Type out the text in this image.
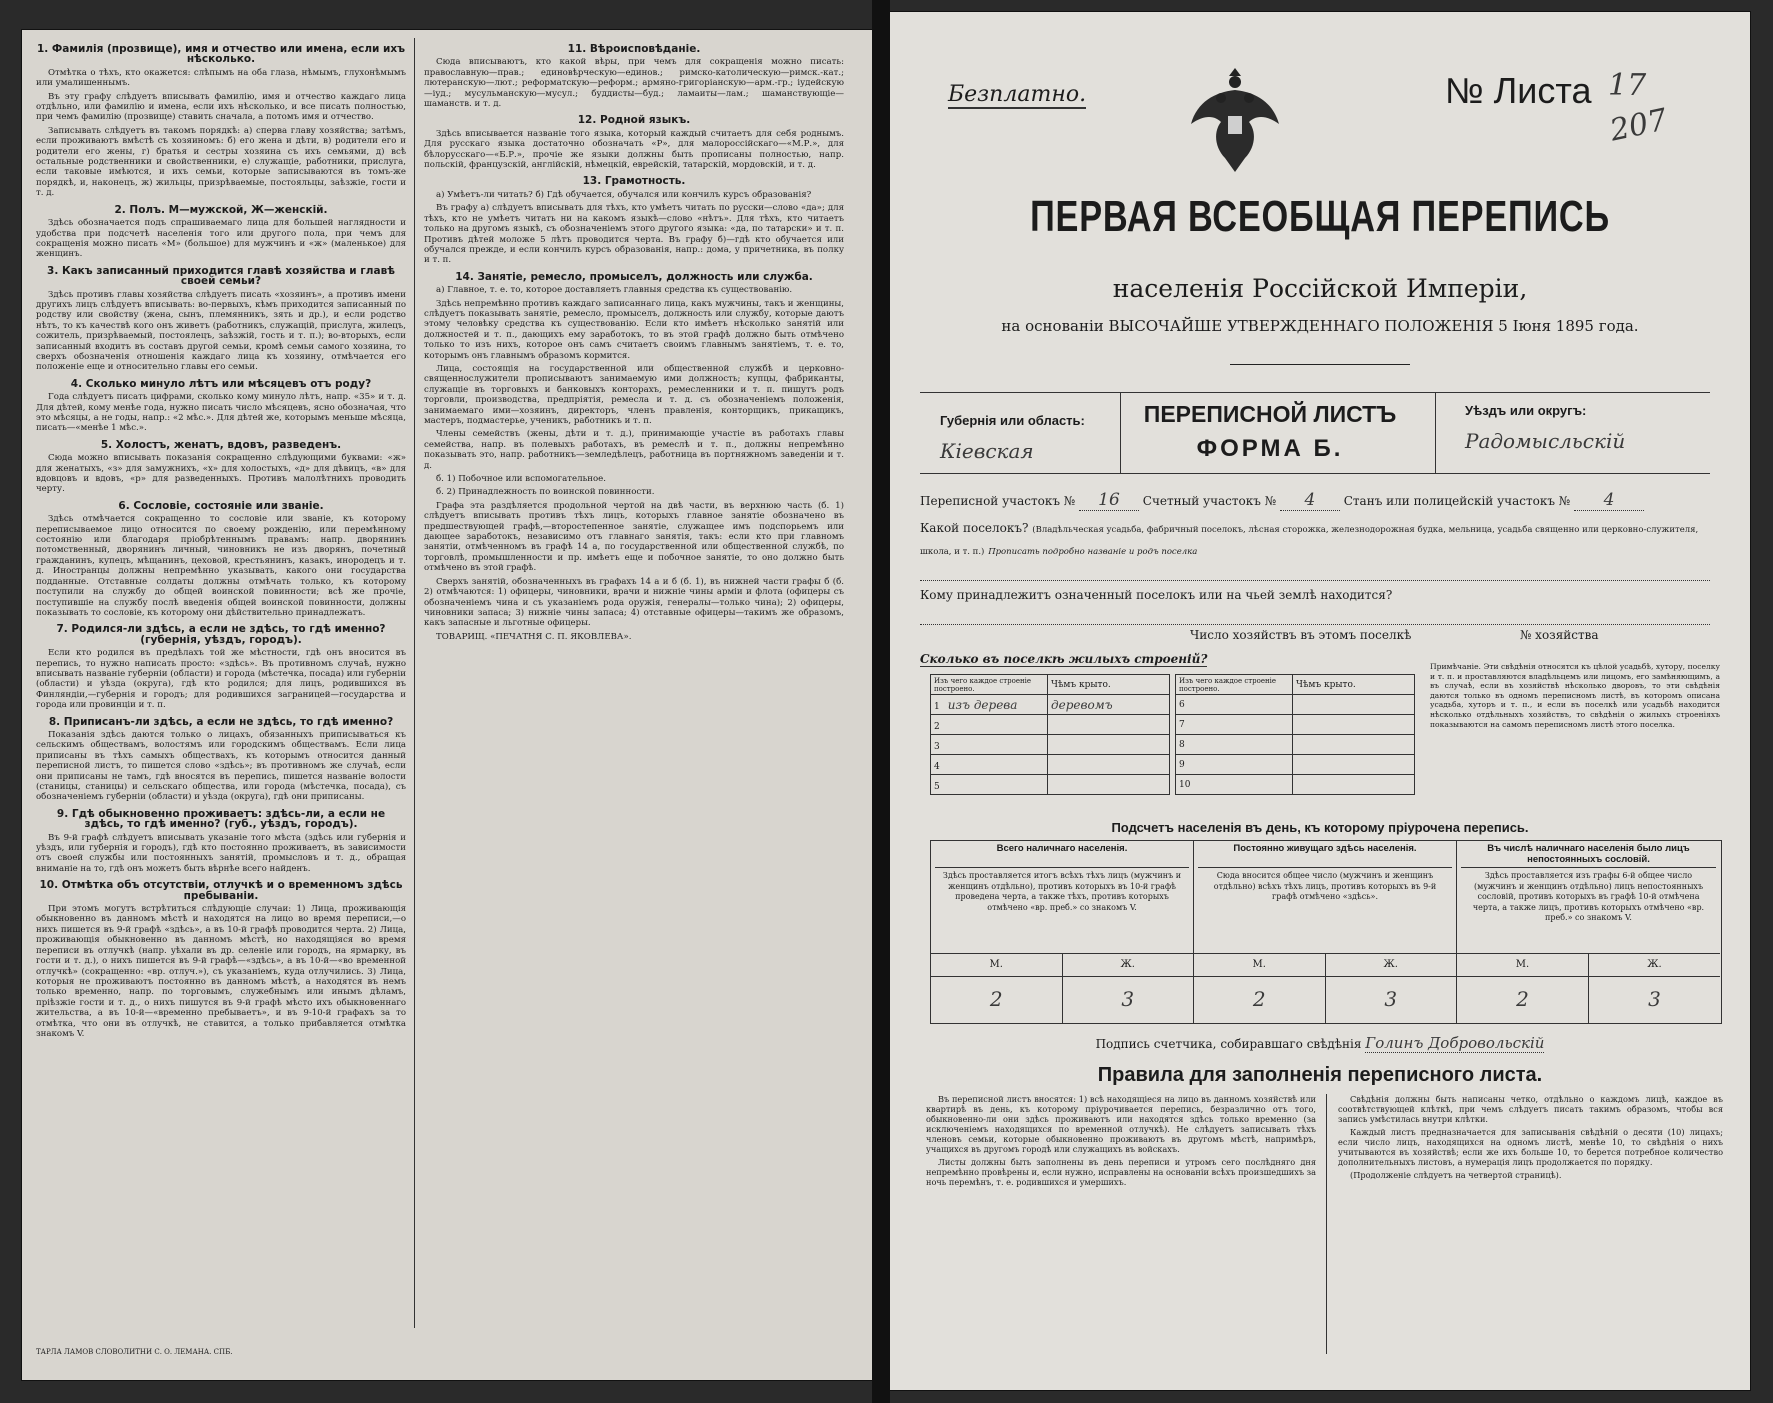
1. Фамилія (прозвище), имя и отчество или имена, если ихъ нѣсколько.

Отмѣтка о тѣхъ, кто окажется: слѣпымъ на оба глаза, нѣмымъ, глухонѣмымъ или умалишеннымъ.

Въ эту графу слѣдуетъ вписывать фамилію, имя и отчество каждаго лица отдѣльно, или фамилію и имена, если ихъ нѣсколько, и все писать полностью, при чемъ фамилію (прозвище) ставить сначала, а потомъ имя и отчество.

Записывать слѣдуетъ въ такомъ порядкѣ: а) сперва главу хозяйства; затѣмъ, если проживаютъ вмѣстѣ съ хозяиномъ: б) его жена и дѣти, в) родители его и родители его жены, г) братья и сестры хозяина съ ихъ семьями, д) всѣ остальные родственники и свойственники, е) служащіе, работники, прислуга, если таковые имѣются, и ихъ семьи, которые записываются въ томъ-же порядкѣ, и, наконецъ, ж) жильцы, призрѣваемые, постояльцы, заѣзжіе, гости и т. д.

2. Полъ. М—мужской, Ж—женскій.

Здѣсь обозначается подъ спрашиваемаго лица для большей наглядности и удобства при подсчетѣ населенія того или другого пола, при чемъ для сокращенія можно писать «М» (большое) для мужчинъ и «ж» (маленькое) для женщинъ.

3. Какъ записанный приходится главѣ хозяйства и главѣ своей семьи?

Здѣсь противъ главы хозяйства слѣдуетъ писать «хозяинъ», а противъ имени другихъ лицъ слѣдуетъ вписывать: во-первыхъ, кѣмъ приходится записанный по родству или свойству (жена, сынъ, племянникъ, зять и др.), и если родство нѣтъ, то къ качествѣ кого онъ живетъ (работникъ, служащій, прислуга, жилецъ, сожитель, призрѣваемый, постоялецъ, заѣзжій, гость и т. п.); во-вторыхъ, если записанный входитъ въ составъ другой семьи, кромѣ семьи самого хозяина, то сверхъ обозначенія отношенія каждаго лица къ хозяину, отмѣчается его положеніе еще и относительно главы его семьи.

4. Сколько минуло лѣтъ или мѣсяцевъ отъ роду?

Года слѣдуетъ писать цифрами, сколько кому минуло лѣтъ, напр. «35» и т. д. Для дѣтей, кому менѣе года, нужно писать число мѣсяцевъ, ясно обозначая, что это мѣсяцы, а не годы, напр.: «2 мѣс.». Для дѣтей же, которымъ меньше мѣсяца, писать—«менѣе 1 мѣс.».

5. Холостъ, женатъ, вдовъ, разведенъ.

Сюда можно вписывать показанія сокращенно слѣдующими буквами: «ж» для женатыхъ, «з» для замужнихъ, «х» для холостыхъ, «д» для дѣвицъ, «в» для вдовцовъ и вдовъ, «р» для разведенныхъ. Противъ малолѣтнихъ проводить черту.

6. Сословіе, состояніе или званіе.

Здѣсь отмѣчается сокращенно то сословіе или званіе, къ которому переписываемое лицо относится по своему рожденію, или перемѣнному состоянію или благодаря пріобрѣтеннымъ правамъ: напр. дворянинъ потомственный, дворянинъ личный, чиновникъ не изъ дворянъ, почетный гражданинъ, купецъ, мѣщанинъ, цеховой, крестьянинъ, казакъ, инородецъ и т. д. Иностранцы должны непремѣнно указывать, какого они государства подданные. Отставные солдаты должны отмѣчать только, къ которому поступили на службу до общей воинской повинности; всѣ же прочіе, поступившіе на службу послѣ введенія общей воинской повинности, должны показывать то сословіе, къ которому они дѣйствительно принадлежатъ.

7. Родился-ли здѣсь, а если не здѣсь, то гдѣ именно? (губернія, уѣздъ, городъ).

Если кто родился въ предѣлахъ той же мѣстности, гдѣ онъ вносится въ перепись, то нужно написать просто: «здѣсь». Въ противномъ случаѣ, нужно вписывать названіе губерніи (области) и города (мѣстечка, посада) или губерніи (области) и уѣзда (округа), гдѣ кто родился; для лицъ, родившихся въ Финляндіи,—губернія и городъ; для родившихся заграницей—государства и города или провинціи и т. п.

8. Приписанъ-ли здѣсь, а если не здѣсь, то гдѣ именно?

Показанія здѣсь даются только о лицахъ, обязанныхъ приписываться къ сельскимъ обществамъ, волостямъ или городскимъ обществамъ. Если лица приписаны въ тѣхъ самыхъ обществахъ, къ которымъ относится данный переписной листъ, то пишется слово «здѣсь»; въ противномъ же случаѣ, если они приписаны не тамъ, гдѣ вносятся въ перепись, пишется названіе волости (станицы, станицы) и сельскаго общества, или города (мѣстечка, посада), съ обозначеніемъ губерніи (области) и уѣзда (округа), гдѣ они приписаны.

9. Гдѣ обыкновенно проживаетъ: здѣсь-ли, а если не здѣсь, то гдѣ именно? (губ., уѣздъ, городъ).

Въ 9-й графѣ слѣдуетъ вписывать указаніе того мѣста (здѣсь или губернія и уѣздъ, или губернія и городъ), гдѣ кто постоянно проживаетъ, въ зависимости отъ своей службы или постоянныхъ занятій, промысловъ и т. д., обращая вниманіе на то, гдѣ онъ можетъ быть вѣрнѣе всего найденъ.

10. Отмѣтка объ отсутствіи, отлучкѣ и о временномъ здѣсь пребываніи.

При этомъ могутъ встрѣтиться слѣдующіе случаи: 1) Лица, проживающія обыкновенно въ данномъ мѣстѣ и находятся на лицо во время переписи,—о нихъ пишется въ 9-й графѣ «здѣсь», а въ 10-й графѣ проводится черта. 2) Лица, проживающія обыкновенно въ данномъ мѣстѣ, но находящіяся во время переписи въ отлучкѣ (напр. уѣхали въ др. селеніе или городъ, на ярмарку, въ гости и т. д.), о нихъ пишется въ 9-й графѣ—«здѣсь», а въ 10-й—«во временной отлучкѣ» (сокращенно: «вр. отлуч.»), съ указаніемъ, куда отлучились. 3) Лица, которыя не проживаютъ постоянно въ данномъ мѣстѣ, а находятся въ немъ только временно, напр. по торговымъ, служебнымъ или инымъ дѣламъ, пріѣзжіе гости и т. д., о нихъ пишутся въ 9-й графѣ мѣсто ихъ обыкновеннаго жительства, а въ 10-й—«временно пребываетъ», и въ 9-10-й графахъ за то отмѣтка, что они въ отлучкѣ, не ставится, а только прибавляется отмѣтка знакомъ V.

11. Вѣроисповѣданіе.

Сюда вписываютъ, кто какой вѣры, при чемъ для сокращенія можно писать: православную—прав.; единовѣрческую—единов.; римско-католическую—римск.-кат.; лютеранскую—лют.; реформатскую—реформ.; армяно-григоріанскую—арм.-гр.; іудейскую—іуд.; мусульманскую—мусул.; буддисты—буд.; ламаиты—лам.; шаманствующіе—шаманств. и т. д.

12. Родной языкъ.

Здѣсь вписывается названіе того языка, который каждый считаетъ для себя роднымъ. Для русскаго языка достаточно обозначать «Р», для малороссійскаго—«М.Р.», для бѣлорусскаго—«Б.Р.», прочіе же языки должны быть прописаны полностью, напр. польскій, французскій, англійскій, нѣмецкій, еврейскій, татарскій, мордовскій, и т. д.

13. Грамотность.

а) Умѣетъ-ли читать? б) Гдѣ обучается, обучался или кончилъ курсъ образованія?

Въ графу а) слѣдуетъ вписывать для тѣхъ, кто умѣетъ читать по русски—слово «да»; для тѣхъ, кто не умѣетъ читать ни на какомъ языкѣ—слово «нѣтъ». Для тѣхъ, кто читаетъ только на другомъ языкѣ, съ обозначеніемъ этого другого языка: «да, по татарски» и т. п. Противъ дѣтей моложе 5 лѣтъ проводится черта. Въ графу б)—гдѣ кто обучается или обучался прежде, и если кончилъ курсъ образованія, напр.: дома, у причетника, въ полку и т. п.

14. Занятіе, ремесло, промыселъ, должность или служба.

а) Главное, т. е. то, которое доставляетъ главныя средства къ существованію.

Здѣсь непремѣнно противъ каждаго записаннаго лица, какъ мужчины, такъ и женщины, слѣдуетъ показывать занятіе, ремесло, промыселъ, должность или службу, которые даютъ этому человѣку средства къ существованію. Если кто имѣетъ нѣсколько занятій или должностей и т. п., дающихъ ему заработокъ, то въ этой графѣ должно быть отмѣчено только то изъ нихъ, которое онъ самъ считаетъ своимъ главнымъ занятіемъ, т. е. то, которымъ онъ главнымъ образомъ кормится.

Лица, состоящія на государственной или общественной службѣ и церковно-священнослужители прописываютъ занимаемую ими должность; купцы, фабриканты, служащіе въ торговыхъ и банковыхъ конторахъ, ремесленники и т. п. пишутъ родъ торговли, производства, предпріятія, ремесла и т. д. съ обозначеніемъ положенія, занимаемаго ими—хозяинъ, директоръ, членъ правленія, конторщикъ, прикащикъ, мастеръ, подмастерье, ученикъ, работникъ и т. п.

Члены семействъ (жены, дѣти и т. д.), принимающіе участіе въ работахъ главы семейства, напр. въ полевыхъ работахъ, въ ремеслѣ и т. п., должны непремѣнно показывать это, напр. работникъ—земледѣлецъ, работница въ портняжномъ заведеніи и т. д.

б. 1) Побочное или вспомогательное.

б. 2) Принадлежность по воинской повинности.

Графа эта раздѣляется продольной чертой на двѣ части, въ верхнюю часть (б. 1) слѣдуетъ вписывать противъ тѣхъ лицъ, которыхъ главное занятіе обозначено въ предшествующей графѣ,—второстепенное занятіе, служащее имъ подспорьемъ или дающее заработокъ, независимо отъ главнаго занятія, такъ: если кто при главномъ занятіи, отмѣченномъ въ графѣ 14 а, по государственной или общественной службѣ, по торговлѣ, промышленности и пр. имѣетъ еще и побочное занятіе, то оно должно быть отмѣчено въ этой графѣ.

Сверхъ занятій, обозначенныхъ въ графахъ 14 а и б (б. 1), въ нижней части графы б (б. 2) отмѣчаются: 1) офицеры, чиновники, врачи и нижніе чины армiи и флота (офицеры съ обозначеніемъ чина и съ указаніемъ рода оружія, генералы—только чина); 2) офицеры, чиновники запаса; 3) нижніе чины запаса; 4) отставные офицеры—такимъ же образомъ, какъ запасные и льготные офицеры.

ТОВАРИЩ. «ПЕЧАТНЯ С. П. ЯКОВЛЕВА».

ТАРЛА ЛАМОВ СЛОВОЛИТНИ С. О. ЛЕМАНА. СПБ.
Безплатно.	№ Листа 17
207
ПЕРВАЯ ВСЕОБЩАЯ ПЕРЕПИСЬ
населенія Россійской Имперіи,
на основаніи ВЫСОЧАЙШЕ УТВЕРЖДЕННАГО ПОЛОЖЕНІЯ 5 Іюня 1895 года.
Губернія или область:
Кіевская
ПЕРЕПИСНОЙ ЛИСТЪ
ФОРМА Б.
Уѣздъ или округъ:
Радомысльскій
Переписной участокъ № 16 Счетный участокъ № 4 Станъ или полицейскій участокъ № 4
Какой поселокъ? (Владѣльческая усадьба, фабричный поселокъ, лѣсная сторожка, железнодорожная будка, мельница, усадьба священно или церковно-служителя, школа, и т. п.) Прописать подробно названіе и родъ поселка
Кому принадлежитъ означенный поселокъ или на чьей землѣ находится?
Число хозяйствъ въ этомъ поселкѣ	№ хозяйства
Сколько въ поселкѣ жилыхъ строеній?
Изъ чего каждое строеніе построено.	Чѣмъ крыто.
1 изъ дерева	деревомъ
2	
3	
4	
5	
Изъ чего каждое строеніе построено.	Чѣмъ крыто.
6	
7	
8	
9	
10	
Примѣчаніе. Эти свѣдѣнія относятся къ цѣлой усадьбѣ, хутору, поселку и т. п. и проставляются владѣльцемъ или лицомъ, его замѣняющимъ, а въ случаѣ, если въ хозяйствѣ нѣсколько дворовъ, то эти свѣдѣнія даются только въ одномъ переписномъ листѣ, въ которомъ описана усадьба, хуторъ и т. п., и если въ поселкѣ или усадьбѣ находится нѣсколько отдѣльныхъ хозяйствъ, то свѣдѣнія о жилыхъ строеніяхъ показываются на самомъ переписномъ листѣ этого поселка.
Подсчетъ населенія въ день, къ которому пріурочена перепись.
Всего наличнаго населенія.
Здѣсь проставляется итогъ всѣхъ тѣхъ лицъ (мужчинъ и женщинъ отдѣльно), противъ которыхъ въ 10-й графѣ проведена черта, а также тѣхъ, противъ которыхъ отмѣчено «вр. преб.» со знакомъ V.
М.	Ж.
2	3
Постоянно живущаго здѣсь населенія.
Сюда вносится общее число (мужчинъ и женщинъ отдѣльно) всѣхъ тѣхъ лицъ, противъ которыхъ въ 9-й графѣ отмѣчено «здѣсь».
М.	Ж.
2	3
Въ числѣ наличнаго населенія было лицъ непостоянныхъ сословій.
Здѣсь проставляется изъ графы 6-й общее число (мужчинъ и женщинъ отдѣльно) лицъ непостоянныхъ сословій, противъ которыхъ въ графѣ 10-й отмѣчена черта, а также лицъ, противъ которыхъ отмѣчено «вр. преб.» со знакомъ V.
М.	Ж.
2	3
Подпись счетчика, собиравшаго свѣдѣнія Голинъ Добровольскій
Правила для заполненія переписного листа.

Въ переписной листъ вносятся: 1) всѣ находящіеся на лицо въ данномъ хозяйствѣ или квартирѣ въ день, къ которому пріурочивается перепись, безразлично отъ того, обыкновенно-ли они здѣсь проживаютъ или находятся здѣсь только временно (за исключеніемъ находящихся по временной отлучкѣ). Не слѣдуетъ записывать тѣхъ членовъ семьи, которые обыкновенно проживаютъ въ другомъ мѣстѣ, напримѣръ, учащихся въ другомъ городѣ или служащихъ въ войскахъ.

Листы должны быть заполнены въ день переписи и утромъ сего послѣдняго дня непремѣнно провѣрены и, если нужно, исправлены на основаніи всѣхъ произшедшихъ за ночь перемѣнъ, т. е. родившихся и умершихъ.

Свѣдѣнія должны быть написаны четко, отдѣльно о каждомъ лицѣ, каждое въ соотвѣтствующей клѣткѣ, при чемъ слѣдуетъ писать такимъ образомъ, чтобы вся запись умѣстилась внутри клѣтки.

Каждый листъ предназначается для записыванія свѣдѣній о десяти (10) лицахъ; если число лицъ, находящихся на одномъ листѣ, менѣе 10, то свѣдѣнія о нихъ учитываются въ хозяйствѣ; если же ихъ больше 10, то берется потребное количество дополнительныхъ листовъ, а нумерація лицъ продолжается по порядку.

(Продолженіе слѣдуетъ на четвертой страницѣ).
